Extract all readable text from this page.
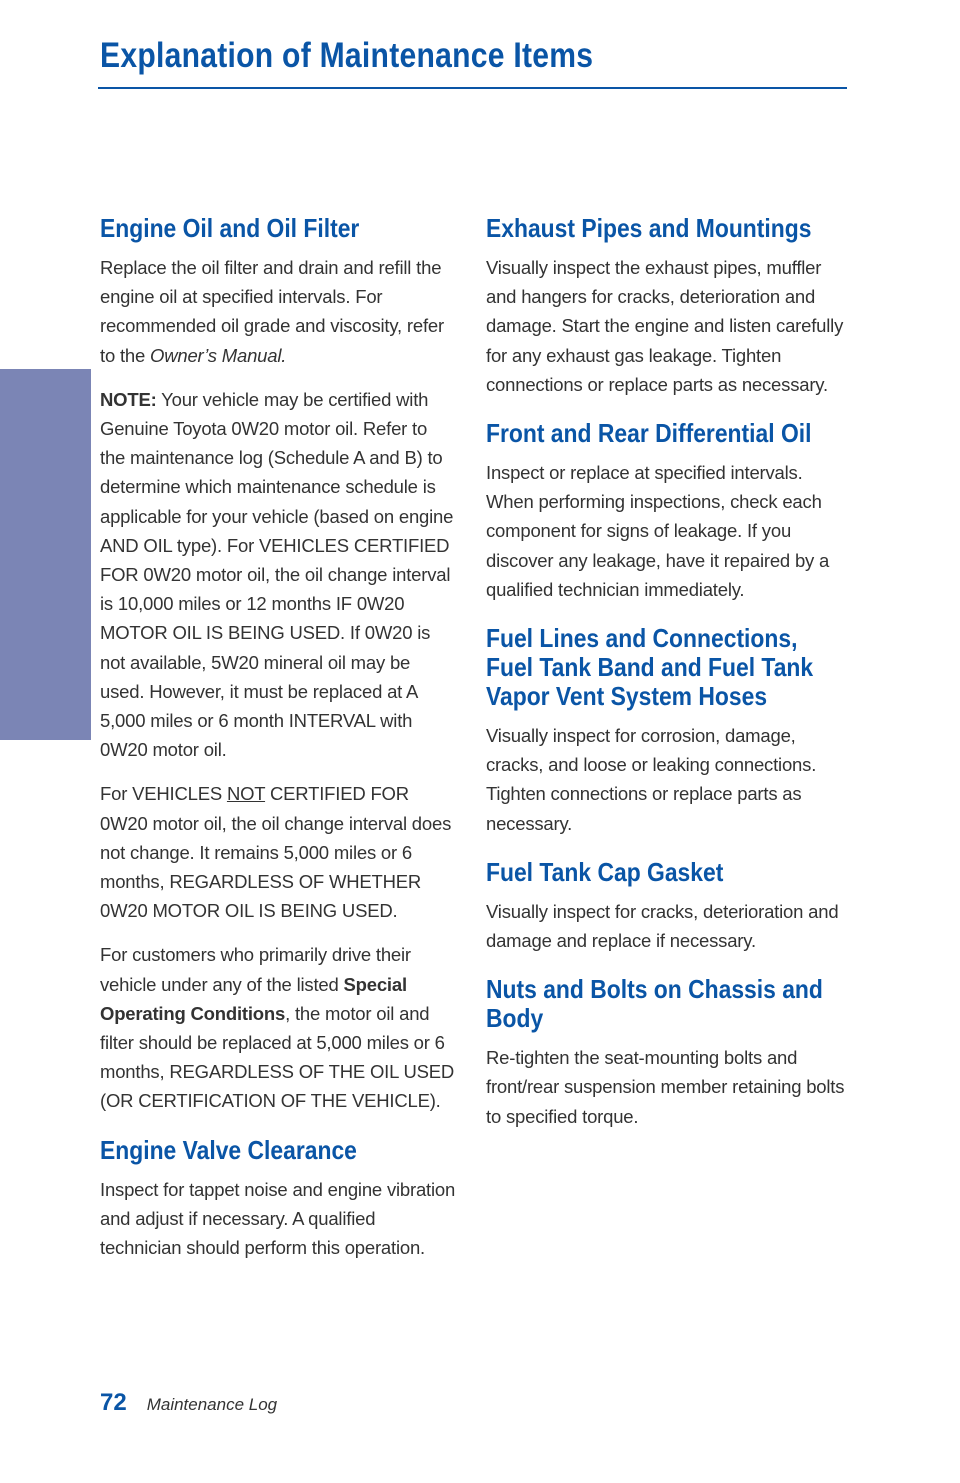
Explanation of Maintenance Items
MAINTENANCE
Engine Oil and Oil Filter

Replace the oil filter and drain and refill the engine oil at specified intervals. For recommended oil grade and viscosity, refer to the Owner’s Manual.

NOTE: Your vehicle may be certified with Genuine Toyota 0W20 motor oil. Refer to the maintenance log (Schedule A and B) to determine which maintenance schedule is applicable for your vehicle (based on engine AND OIL type). For VEHICLES CERTIFIED FOR 0W20 motor oil, the oil change interval is 10,000 miles or 12 months IF 0W20 MOTOR OIL IS BEING USED. If 0W20 is not available, 5W20 mineral oil may be used. However, it must be replaced at A 5,000 miles or 6 month INTERVAL with 0W20 motor oil.

For VEHICLES NOT CERTIFIED FOR 0W20 motor oil, the oil change interval does not change. It remains 5,000 miles or 6 months, REGARDLESS OF WHETHER 0W20 MOTOR OIL IS BEING USED.

For customers who primarily drive their vehicle under any of the listed Special Operating Conditions, the motor oil and filter should be replaced at 5,000 miles or 6 months, REGARDLESS OF THE OIL USED (OR CERTIFICATION OF THE VEHICLE).

Engine Valve Clearance

Inspect for tappet noise and engine vibration and adjust if necessary. A qualified technician should perform this operation.

Exhaust Pipes and Mountings

Visually inspect the exhaust pipes, muffler and hangers for cracks, deterioration and damage. Start the engine and listen carefully for any exhaust gas leakage. Tighten connections or replace parts as necessary.

Front and Rear Differential Oil

Inspect or replace at specified intervals. When performing inspections, check each component for signs of leakage. If you discover any leakage, have it repaired by a qualified technician immediately.

Fuel Lines and Connections,
Fuel Tank Band and Fuel Tank
Vapor Vent System Hoses

Visually inspect for corrosion, damage, cracks, and loose or leaking connections. Tighten connections or replace parts as necessary.

Fuel Tank Cap Gasket

Visually inspect for cracks, deterioration and damage and replace if necessary.

Nuts and Bolts on Chassis and
Body

Re-tighten the seat-mounting bolts and front/rear suspension member retaining bolts to specified torque.

72 Maintenance Log
